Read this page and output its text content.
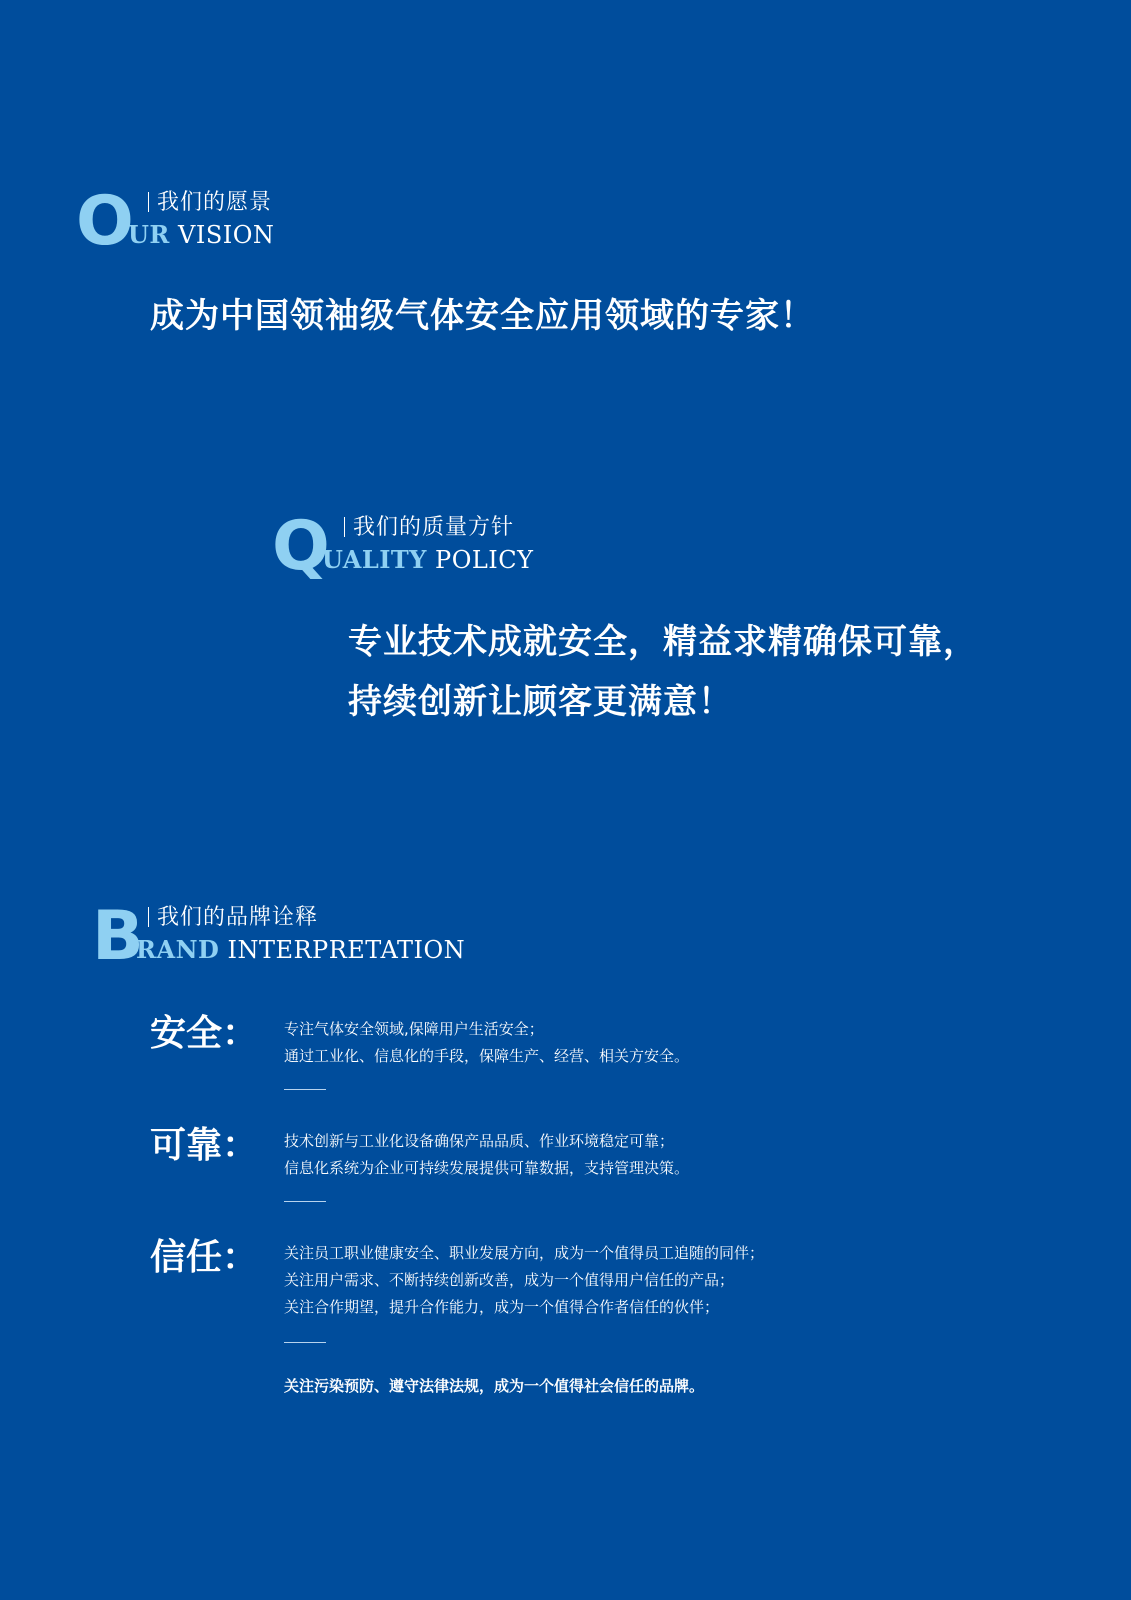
O	我们的愿景
UR VISION
成为中国领袖级气体安全应用领域的专家！
Q	我们的质量方针
UALITY POLICY
专业技术成就安全，精益求精确保可靠，
持续创新让顾客更满意！
B 我们的品牌诠释
RAND INTERPRETATION
安全： 专注气体安全领域,保障用户生活安全；
通过工业化、信息化的手段，保障生产、经营、相关方安全。
可靠： 技术创新与工业化设备确保产品品质、作业环境稳定可靠；
信息化系统为企业可持续发展提供可靠数据，支持管理决策。
信任： 关注员工职业健康安全、职业发展方向，成为一个值得员工追随的同伴；
关注用户需求、不断持续创新改善，成为一个值得用户信任的产品；
关注合作期望，提升合作能力，成为一个值得合作者信任的伙伴；
关注污染预防、遵守法律法规，成为一个值得社会信任的品牌。
